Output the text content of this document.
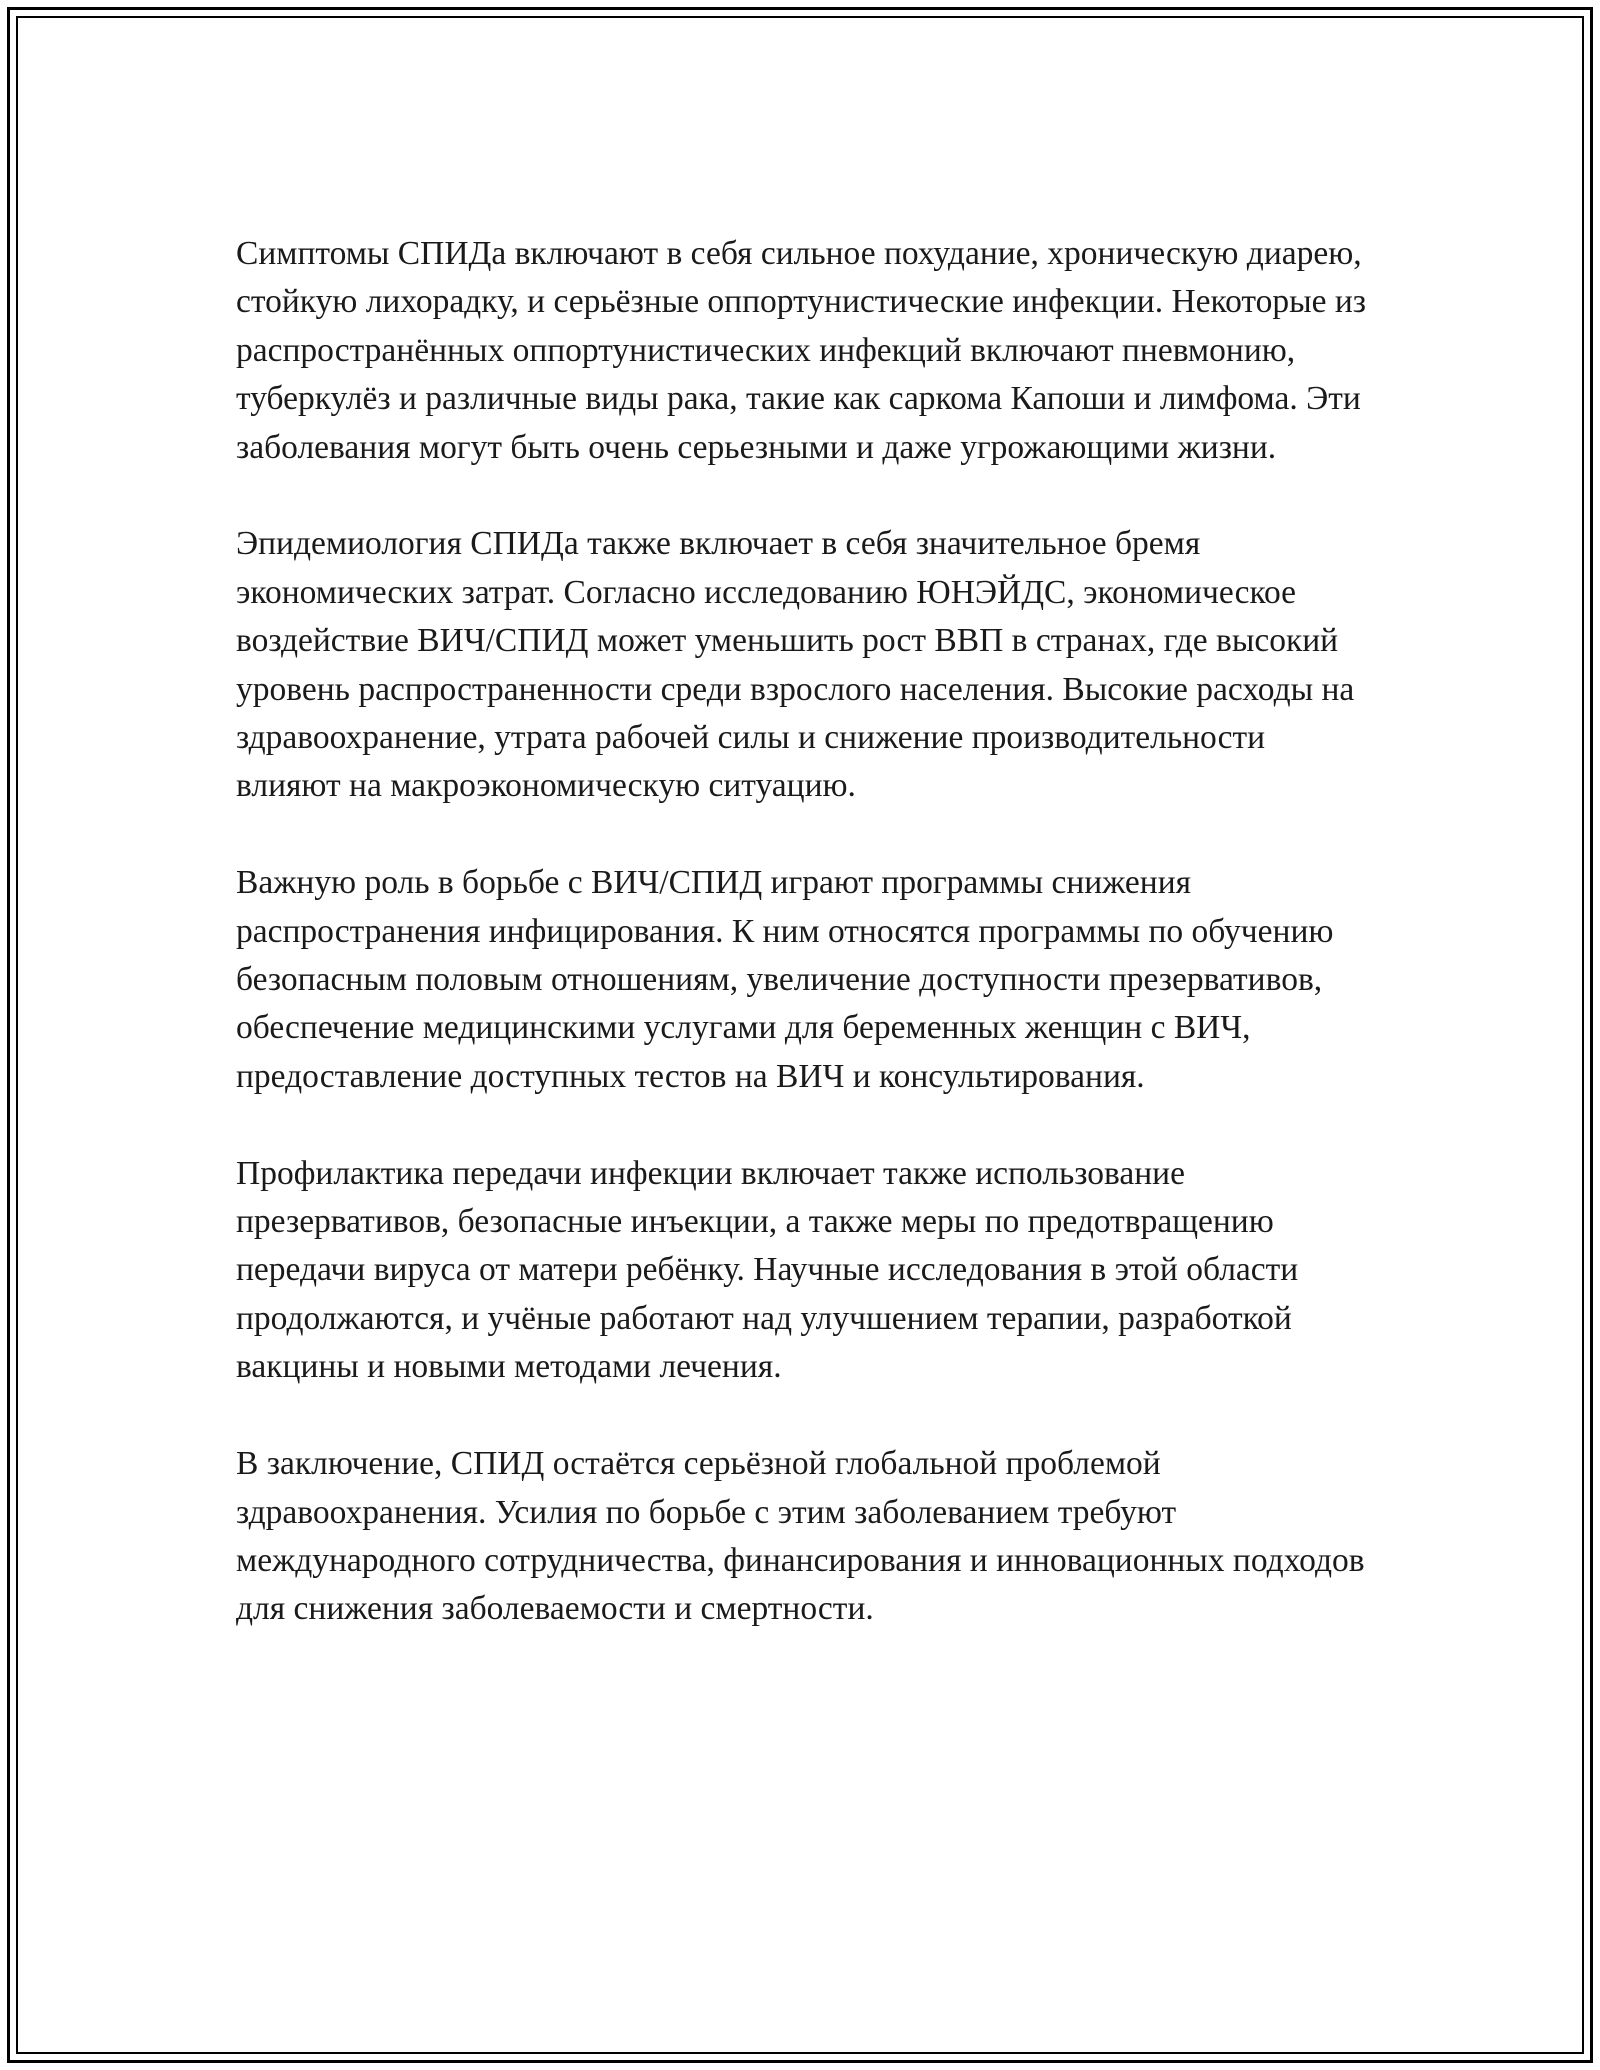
Симптомы СПИДа включают в себя сильное похудание, хроническую диарею, стойкую лихорадку, и серьёзные оппортунистические инфекции. Некоторые из распространённых оппортунистических инфекций включают пневмонию, туберкулёз и различные виды рака, такие как саркома Капоши и лимфома. Эти заболевания могут быть очень серьезными и даже угрожающими жизни.

Эпидемиология СПИДа также включает в себя значительное бремя экономических затрат. Согласно исследованию ЮНЭЙДС, экономическое воздействие ВИЧ/СПИД может уменьшить рост ВВП в странах, где высокий уровень распространенности среди взрослого населения. Высокие расходы на здравоохранение, утрата рабочей силы и снижение производительности влияют на макроэкономическую ситуацию.

Важную роль в борьбе с ВИЧ/СПИД играют программы снижения распространения инфицирования. К ним относятся программы по обучению безопасным половым отношениям, увеличение доступности презервативов, обеспечение медицинскими услугами для беременных женщин с ВИЧ, предоставление доступных тестов на ВИЧ и консультирования.

Профилактика передачи инфекции включает также использование презервативов, безопасные инъекции, а также меры по предотвращению передачи вируса от матери ребёнку. Научные исследования в этой области продолжаются, и учёные работают над улучшением терапии, разработкой вакцины и новыми методами лечения.

В заключение, СПИД остаётся серьёзной глобальной проблемой здравоохранения. Усилия по борьбе с этим заболеванием требуют международного сотрудничества, финансирования и инновационных подходов для снижения заболеваемости и смертности.
